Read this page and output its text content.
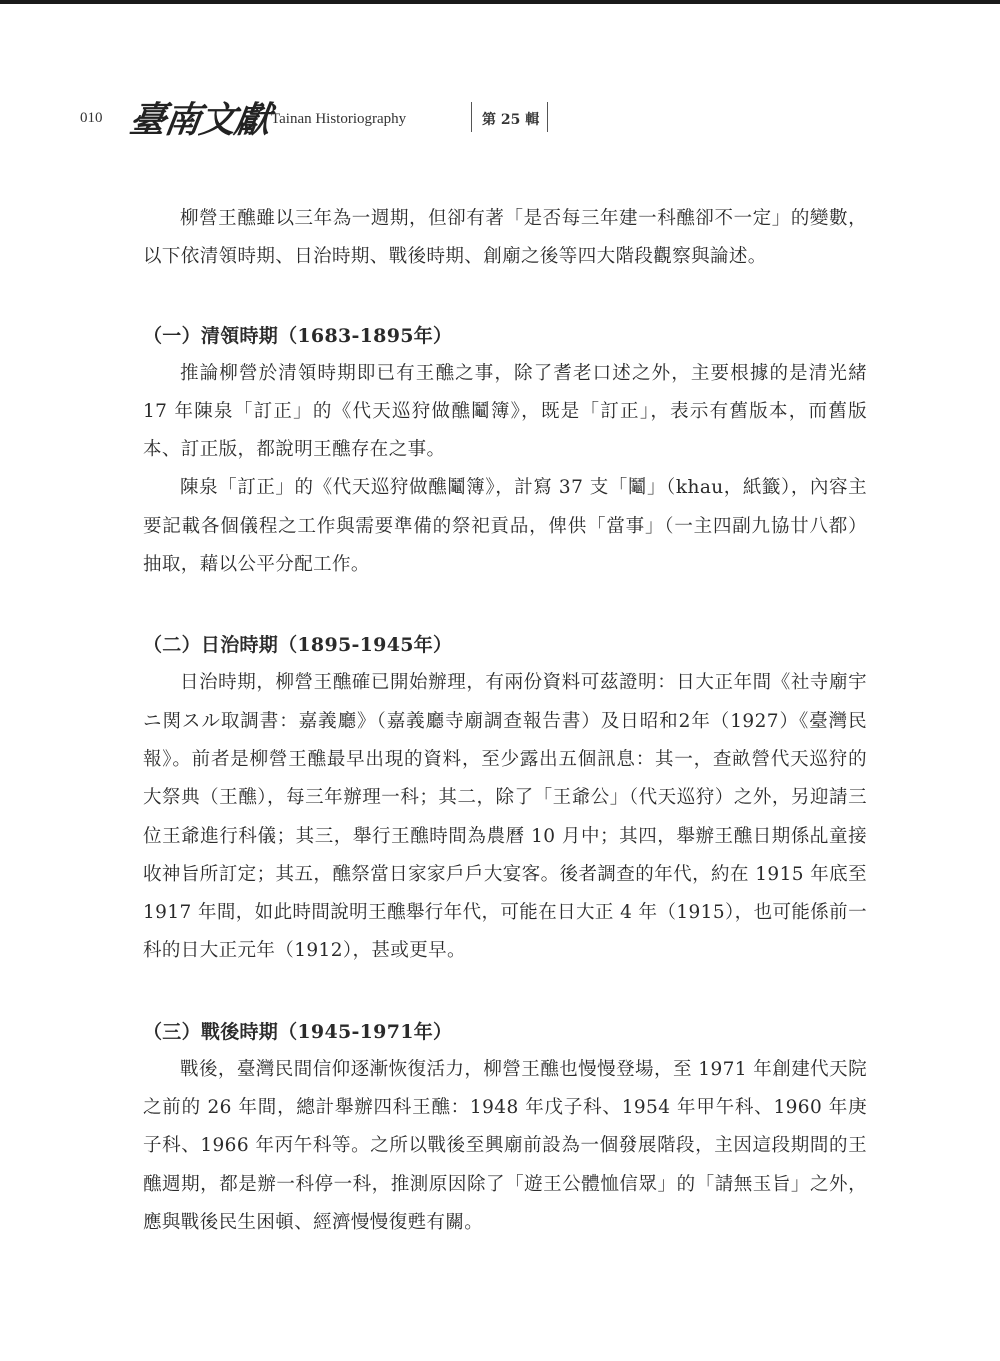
010 臺南文獻
Tainan Historiography	第 25 輯

柳營王醮雖以三年為一週期，但卻有著「是否每三年建一科醮卻不一定」的變數，以下依清領時期、日治時期、戰後時期、創廟之後等四大階段觀察與論述。

（一）清領時期（1683-1895年）

推論柳營於清領時期即已有王醮之事，除了耆老口述之外，主要根據的是清光緒 17 年陳泉「訂正」的《代天巡狩做醮鬮簿》，既是「訂正」，表示有舊版本，而舊版本、訂正版，都說明王醮存在之事。

陳泉「訂正」的《代天巡狩做醮鬮簿》，計寫 37 支「鬮」（khau，紙籤），內容主要記載各個儀程之工作與需要準備的祭祀貢品，俾供「當事」（一主四副九協廿八都）抽取，藉以公平分配工作。

（二）日治時期（1895-1945年）

日治時期，柳營王醮確已開始辦理，有兩份資料可茲證明：日大正年間《社寺廟宇ニ関スル取調書：嘉義廳》（嘉義廳寺廟調查報告書）及日昭和2年（1927）《臺灣民報》。前者是柳營王醮最早出現的資料，至少露出五個訊息：其一，查畝營代天巡狩的大祭典（王醮），每三年辦理一科；其二，除了「王爺公」（代天巡狩）之外，另迎請三位王爺進行科儀；其三，舉行王醮時間為農曆 10 月中；其四，舉辦王醮日期係乩童接收神旨所訂定；其五，醮祭當日家家戶戶大宴客。後者調查的年代，約在 1915 年底至 1917 年間，如此時間說明王醮舉行年代，可能在日大正 4 年（1915），也可能係前一科的日大正元年（1912），甚或更早。

（三）戰後時期（1945-1971年）

戰後，臺灣民間信仰逐漸恢復活力，柳營王醮也慢慢登場，至 1971 年創建代天院之前的 26 年間，總計舉辦四科王醮：1948 年戊子科、1954 年甲午科、1960 年庚子科、1966 年丙午科等。之所以戰後至興廟前設為一個發展階段，主因這段期間的王醮週期，都是辦一科停一科，推測原因除了「遊王公體恤信眾」的「請無玉旨」之外，應與戰後民生困頓、經濟慢慢復甦有關。
